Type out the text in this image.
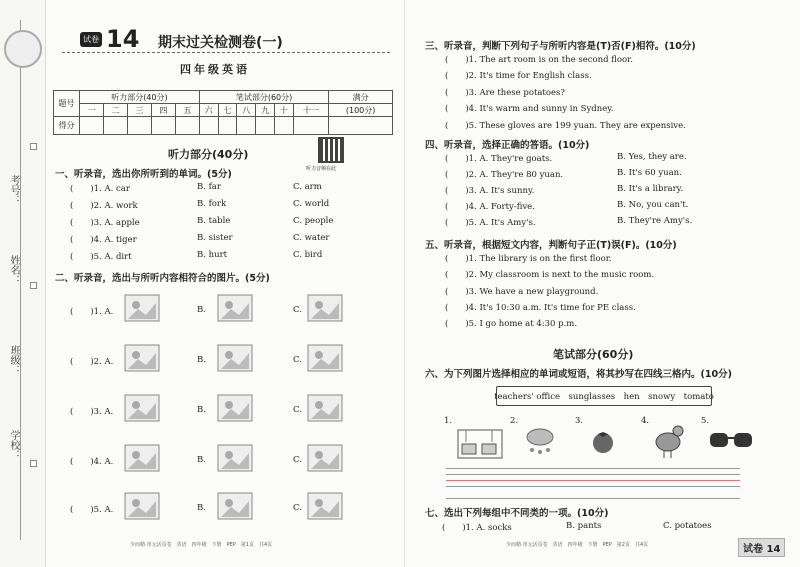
考号：
姓名：
班级：
学校：
试卷 14 期末过关检测卷(一)
四年级英语
题号	听力部分(40分)					笔试部分(60分)						满分
	一	二	三	四	五	六	七	八	九	十	十一	(100分)
得分												
听力音频在此
听力部分(40分)
一、听录音，选出你所听到的单词。(5分)
(　　)1. A. car	B. far	C. arm
(　　)2. A. work	B. fork	C. world
(　　)3. A. apple	B. table	C. people
(　　)4. A. tiger	B. sister	C. water
(　　)5. A. dirt	B. hurt	C. bird
二、听录音，选出与所听内容相符合的图片。(5分)
(　　)1. A.	B.	C.
(　　)2. A.	B.	C.
(　　)3. A.	B.	C.
(　　)4. A.	B.	C.
(　　)5. A.	B.	C.
少而精·单元活页卷　英语　四年级　下册　PEP　第1页　共4页
三、听录音，判断下列句子与所听内容是(T)否(F)相符。(10分)
(　　)1. The art room is on the second floor.
(　　)2. It's time for English class.
(　　)3. Are these potatoes?
(　　)4. It's warm and sunny in Sydney.
(　　)5. These gloves are 199 yuan. They are expensive.
四、听录音，选择正确的答语。(10分)
(　　)1. A. They're goats.	B. Yes, they are.
(　　)2. A. They're 80 yuan.	B. It's 60 yuan.
(　　)3. A. It's sunny.	B. It's a library.
(　　)4. A. Forty-five.	B. No, you can't.
(　　)5. A. It's Amy's.	B. They're Amy's.
五、听录音，根据短文内容，判断句子正(T)误(F)。(10分)
(　　)1. The library is on the first floor.
(　　)2. My classroom is next to the music room.
(　　)3. We have a new playground.
(　　)4. It's 10:30 a.m. It's time for PE class.
(　　)5. I go home at 4:30 p.m.
笔试部分(60分)
六、为下列图片选择相应的单词或短语，将其抄写在四线三格内。(10分)
teachers' office　sunglasses　hen　snowy　tomato
1.	2.	3.	4.	5.
七、选出下列每组中不同类的一项。(10分)
(　　)1. A. socks	B. pants	C. potatoes
少而精·单元活页卷　英语　四年级　下册　PEP　第2页　共4页	试卷 14
